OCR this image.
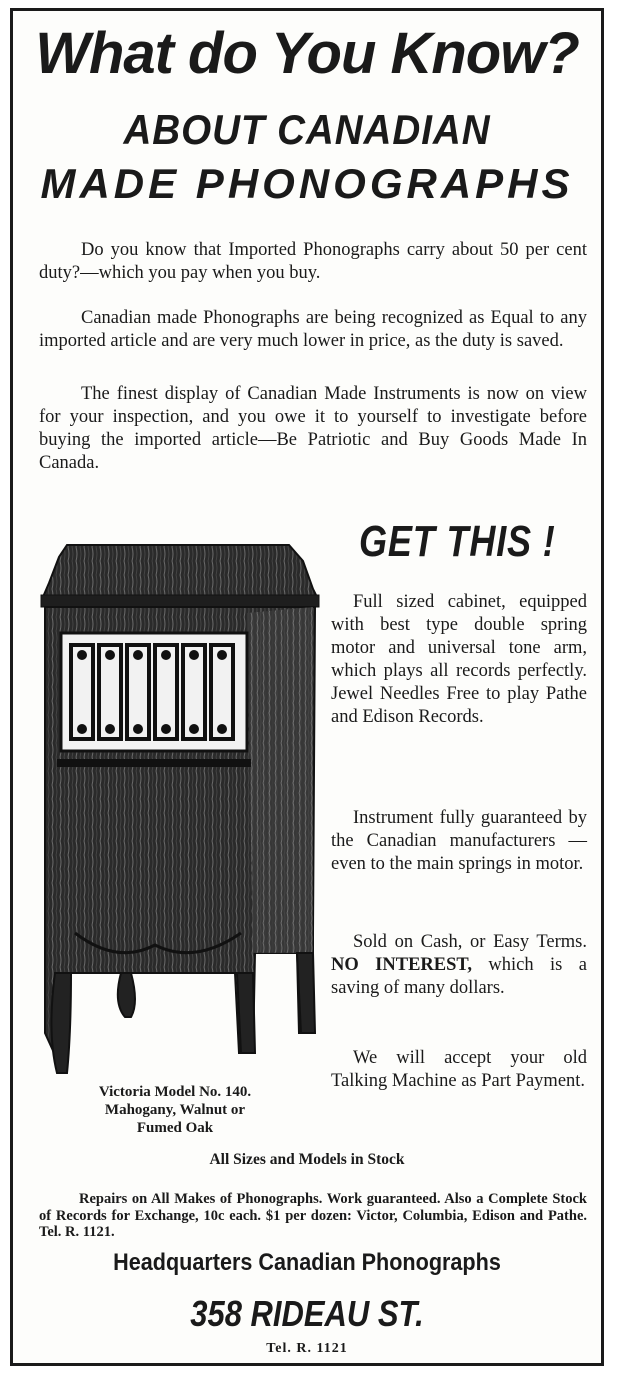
What do You Know?
ABOUT CANADIAN
MADE PHONOGRAPHS

Do you know that Imported Phonographs carry about 50 per cent duty?—which you pay when you buy.

Canadian made Phonographs are being recognized as Equal to any imported article and are very much lower in price, as the duty is saved.

The finest display of Canadian Made Instruments is now on view for your inspection, and you owe it to yourself to investigate before buying the imported article—Be Patriotic and Buy Goods Made In Canada.

Victoria Model No. 140.
Mahogany, Walnut or
Fumed Oak
GET THIS !

Full sized cabinet, equipped with best type double spring motor and universal tone arm, which plays all records perfectly. Jewel Needles Free to play Pathe and Edison Records.

Instrument fully guaranteed by the Canadian manufacturers — even to the main springs in motor.

Sold on Cash, or Easy Terms. NO INTEREST, which is a saving of many dollars.

We will accept your old Talking Machine as Part Payment.

All Sizes and Models in Stock

Repairs on All Makes of Phonographs. Work guaranteed. Also a Complete Stock of Records for Exchange, 10c each. $1 per dozen: Victor, Columbia, Edison and Pathe. Tel. R. 1121.

Headquarters Canadian Phonographs
358 RIDEAU ST.
Tel. R. 1121
